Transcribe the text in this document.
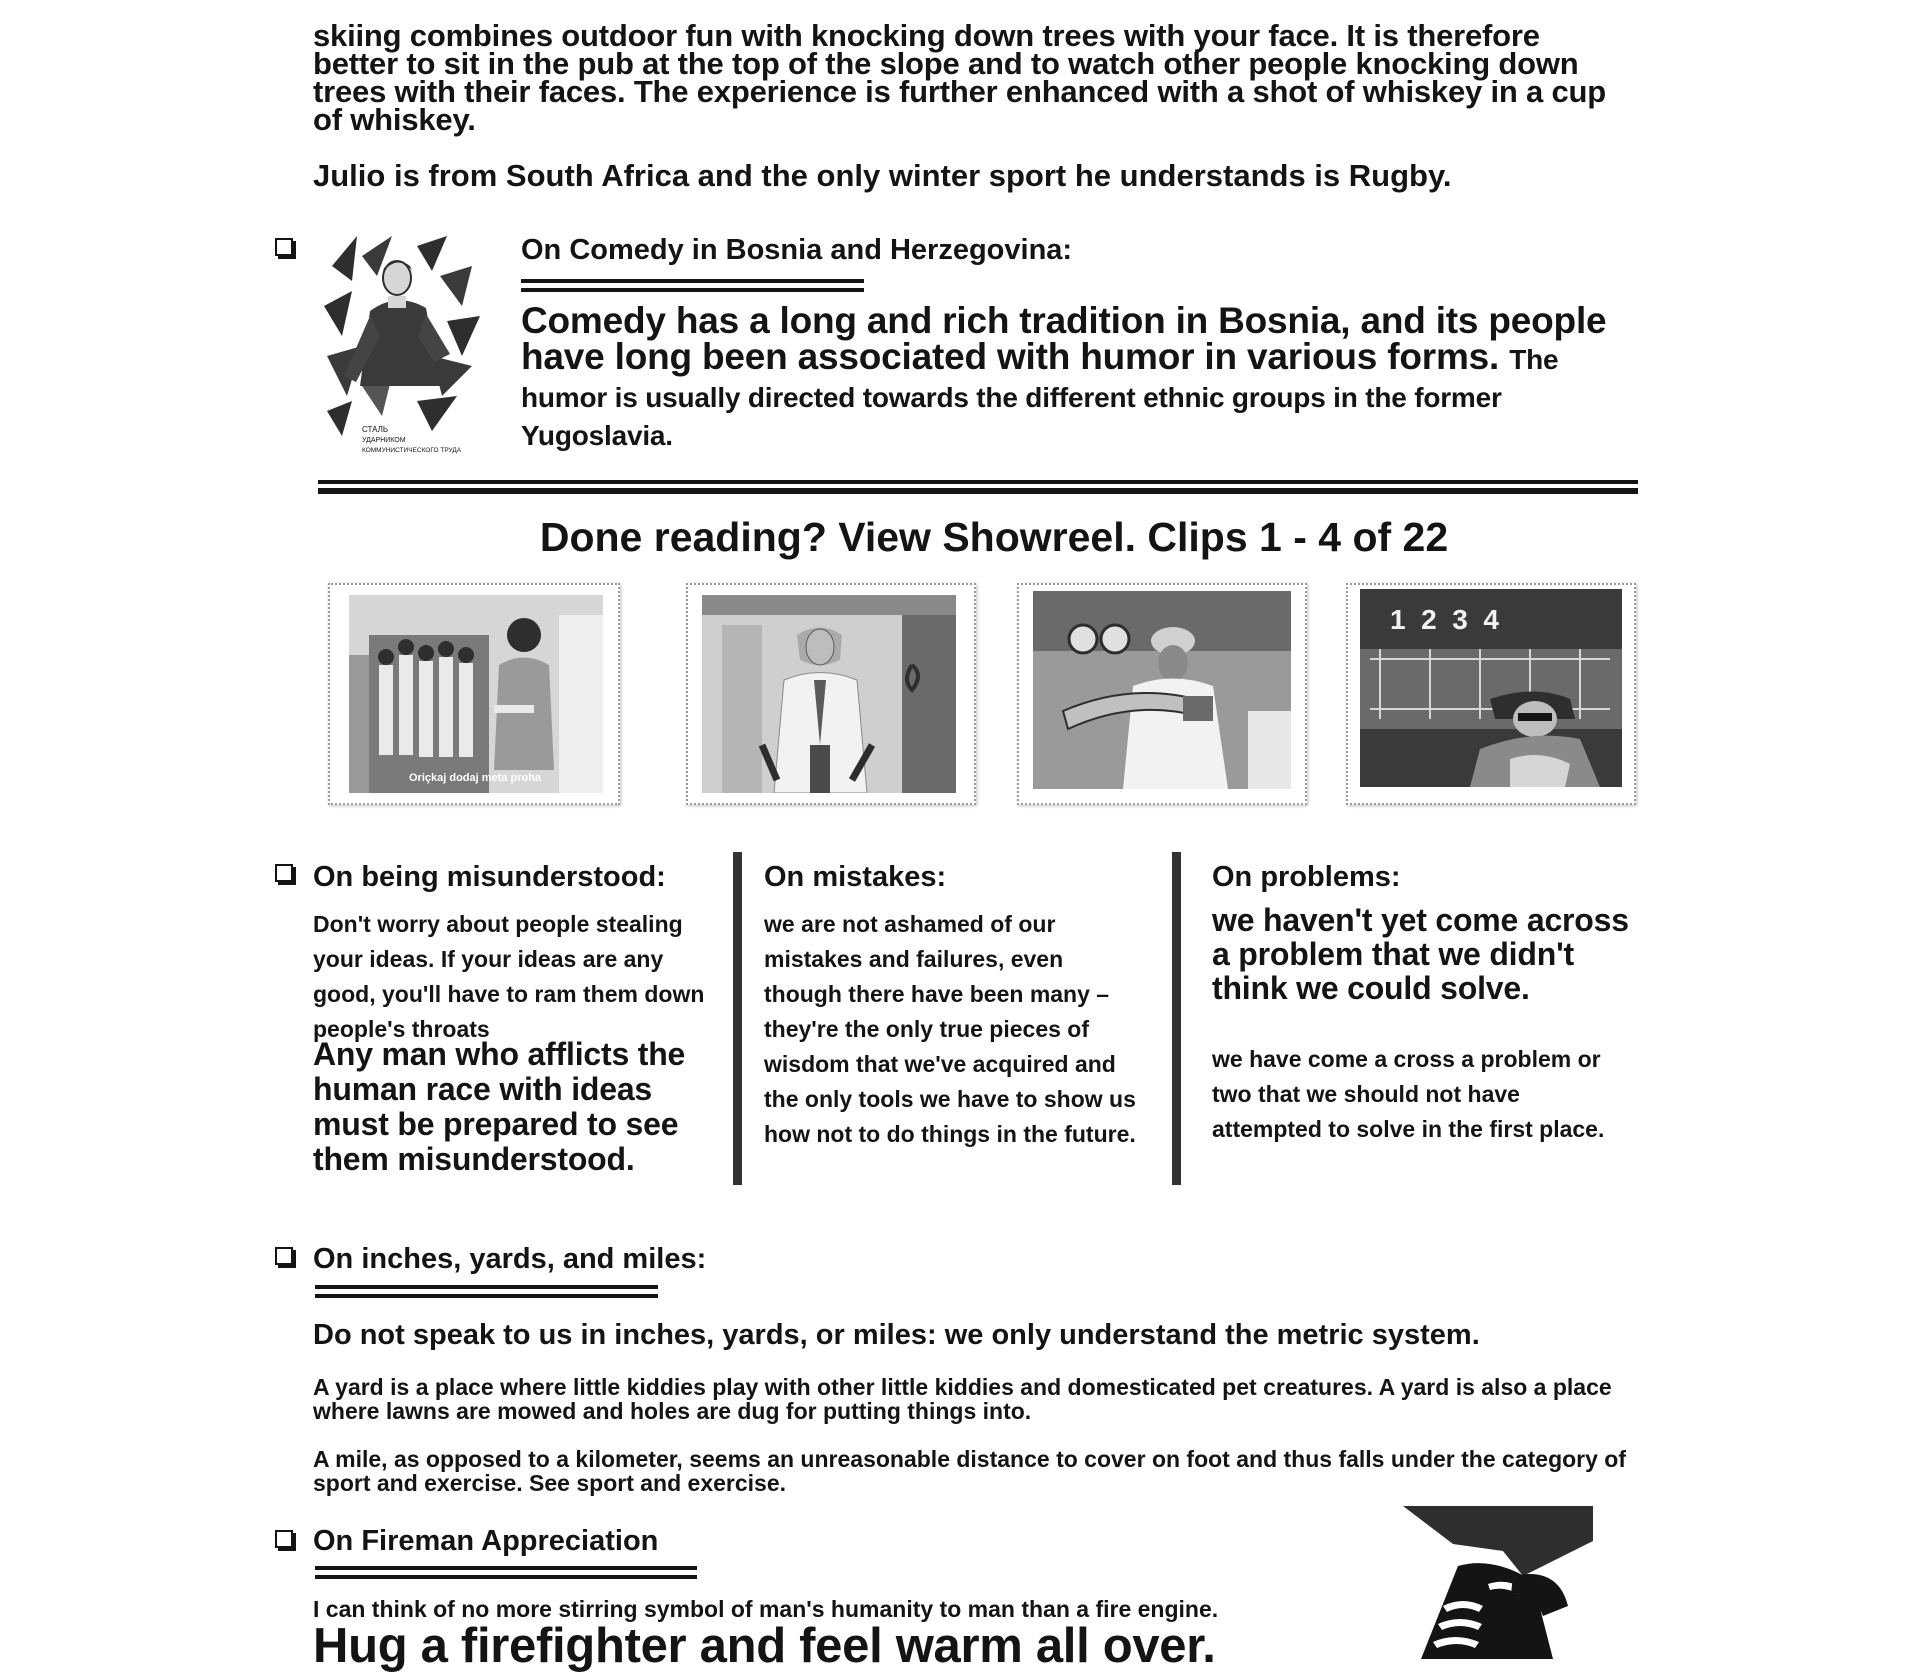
skiing combines outdoor fun with knocking down trees with your face. It is therefore better to sit in the pub at the top of the slope and to watch other people knocking down trees with their faces. The experience is further enhanced with a shot of whiskey in a cup of whiskey.

Julio is from South Africa and the only winter sport he understands is Rugby.
СТАЛЬ
УДАРНИКОМ
КОММУНИСТИЧЕСКОГО ТРУДА
On Comedy in Bosnia and Herzegovina:
Comedy has a long and rich tradition in Bosnia, and its people have long been associated with humor in various forms. The humor is usually directed towards the different ethnic groups in the former Yugoslavia.
Done reading? View Showreel. Clips 1 - 4 of 22
Oriçkaj dodaj meta proha
1  2  3  4
On being misunderstood:
Don't worry about people stealing your ideas. If your ideas are any good, you'll have to ram them down people's throats
Any man who afflicts the human race with ideas must be prepared to see them misunderstood.
On mistakes:
we are not ashamed of our mistakes and failures, even though there have been many – they're the only true pieces of wisdom that we've acquired and the only tools we have to show us how not to do things in the future.
On problems:
we haven't yet come across a problem that we didn't think we could solve.
we have come a cross a problem or two that we should not have attempted to solve in the first place.
On inches, yards, and miles:
Do not speak to us in inches, yards, or miles: we only understand the metric system.
A yard is a place where little kiddies play with other little kiddies and domesticated pet creatures. A yard is also a place where lawns are mowed and holes are dug for putting things into.
A mile, as opposed to a kilometer, seems an unreasonable distance to cover on foot and thus falls under the category of sport and exercise. See sport and exercise.
On Fireman Appreciation
I can think of no more stirring symbol of man's humanity to man than a fire engine.
Hug a firefighter and feel warm all over.
